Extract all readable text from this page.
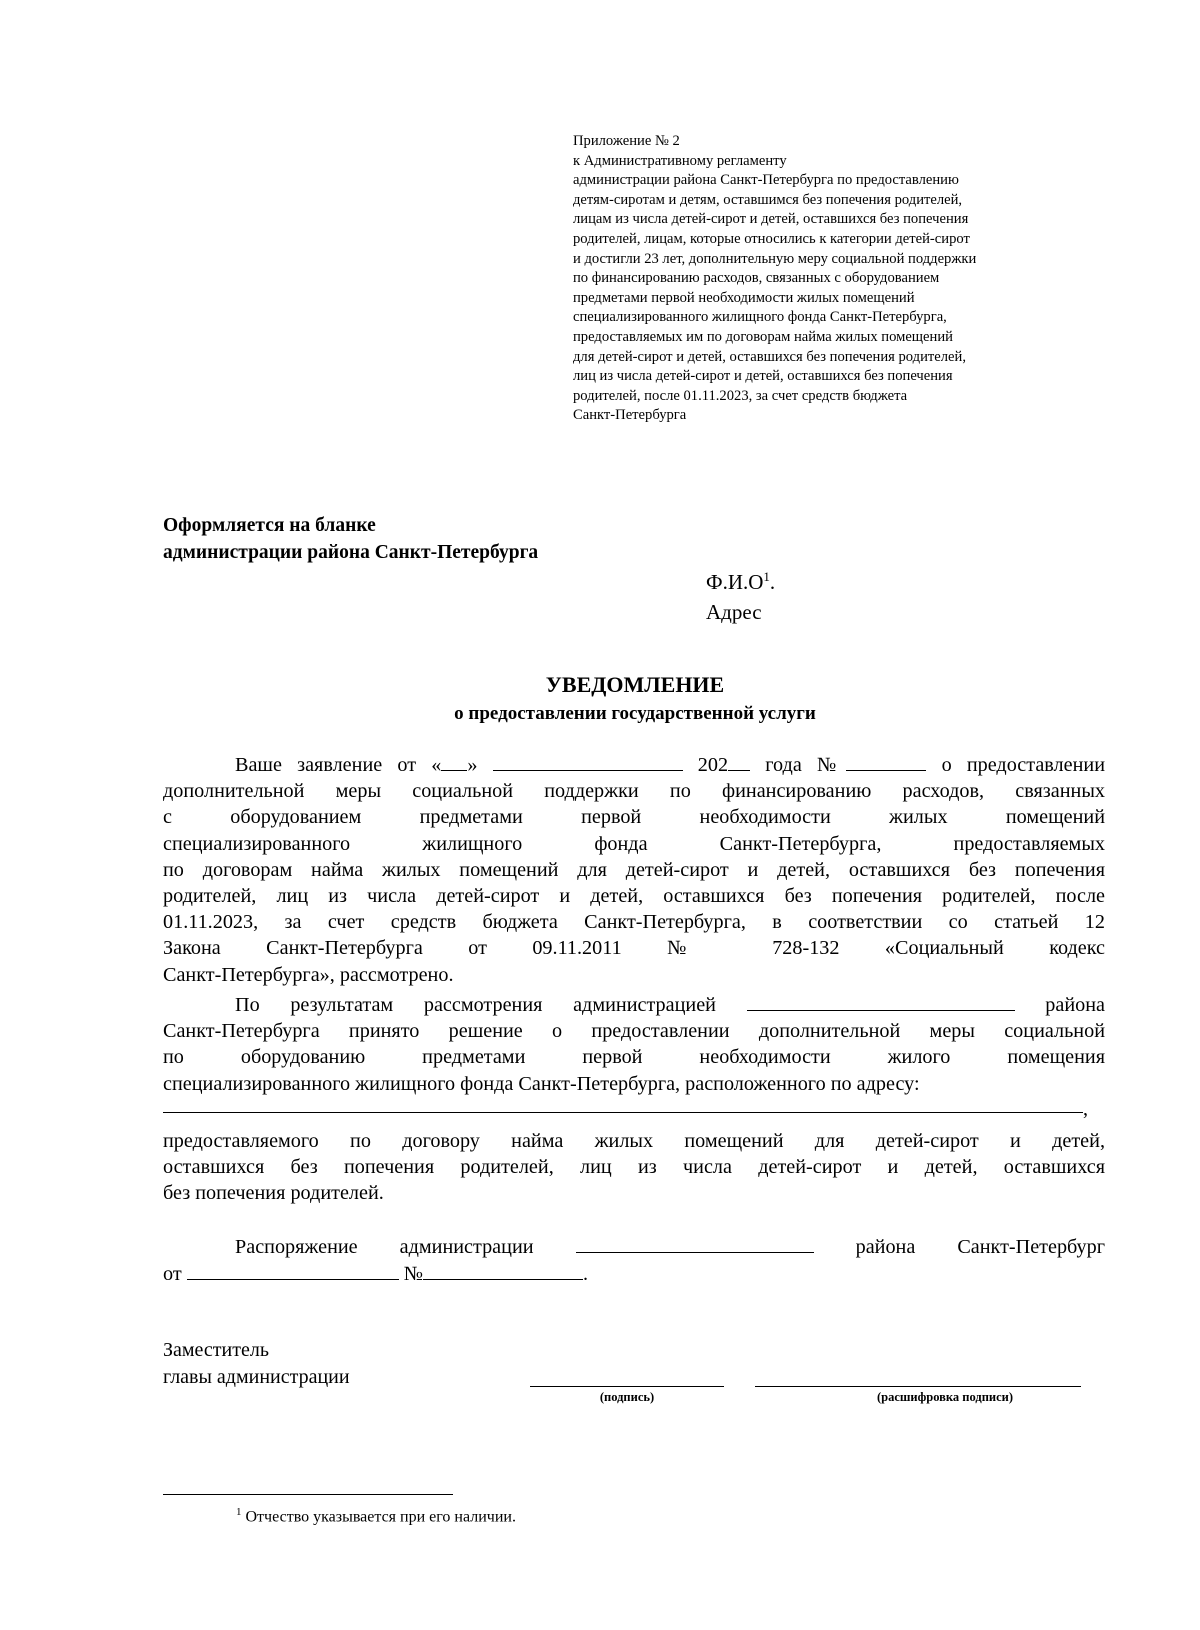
Приложение № 2
к Административному регламенту
администрации района Санкт-Петербурга по предоставлению
детям-сиротам и детям, оставшимся без попечения родителей,
лицам из числа детей-сирот и детей, оставшихся без попечения
родителей, лицам, которые относились к категории детей-сирот
и достигли 23 лет, дополнительную меру социальной поддержки
по финансированию расходов, связанных с оборудованием
предметами первой необходимости жилых помещений
специализированного жилищного фонда Санкт-Петербурга,
предоставляемых им по договорам найма жилых помещений
для детей-сирот и детей, оставшихся без попечения родителей,
лиц из числа детей-сирот и детей, оставшихся без попечения
родителей, после 01.11.2023, за счет средств бюджета
Санкт-Петербурга
Оформляется на бланке
администрации района Санкт-Петербурга
$Ф.И.О^1$.
Адрес
УВЕДОМЛЕНИЕ
о предоставлении государственной услуги
Ваше заявление от « »	202 года №	о предоставлении
дополнительной меры социальной поддержки по финансированию расходов, связанных
с оборудованием предметами первой необходимости жилых помещений
специализированного жилищного фонда Санкт-Петербурга, предоставляемых
по договорам найма жилых помещений для детей-сирот и детей, оставшихся без попечения
родителей, лиц из числа детей-сирот и детей, оставшихся без попечения родителей, после
01.11.2023, за счет средств бюджета Санкт-Петербурга, в соответствии со статьей 12
Закона Санкт-Петербурга от 09.11.2011 № 728-132 «Социальный кодекс
Санкт-Петербурга», рассмотрено.
По результатам рассмотрения администрацией	района
Санкт-Петербурга принято решение о предоставлении дополнительной меры социальной
по оборудованию предметами первой необходимости жилого помещения
специализированного жилищного фонда Санкт-Петербурга, расположенного по адресу:
,
предоставляемого по договору найма жилых помещений для детей-сирот и детей,
оставшихся без попечения родителей, лиц из числа детей-сирот и детей, оставшихся
без попечения родителей.
Распоряжение администрации	района Санкт-Петербург
от	№	.
Заместитель
главы администрации
(подпись)	(расшифровка подписи)
$^1$ Отчество указывается при его наличии.
